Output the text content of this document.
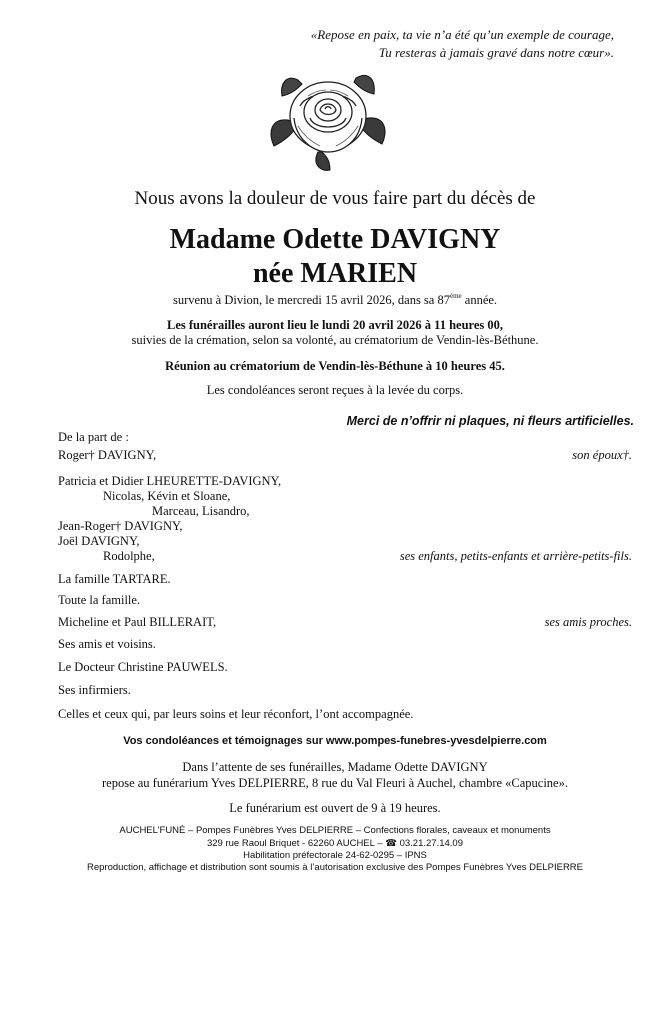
«Repose en paix, ta vie n’a été qu’un exemple de courage,
Tu resteras à jamais gravé dans notre cœur».
Nous avons la douleur de vous faire part du décès de
Madame Odette DAVIGNY
née MARIEN
survenu à Divion, le mercredi 15 avril 2026, dans sa 87ème année.
Les funérailles auront lieu le lundi 20 avril 2026 à 11 heures 00,
suivies de la crémation, selon sa volonté, au crématorium de Vendin-lès-Béthune.
Réunion au crématorium de Vendin-lès-Béthune à 10 heures 45.
Les condoléances seront reçues à la levée du corps.
Merci de n’offrir ni plaques, ni fleurs artificielles.
De la part de :
Roger† DAVIGNY,	son époux†.
Patricia et Didier LHEURETTE-DAVIGNY,
Nicolas, Kévin et Sloane,
Marceau, Lisandro,
Jean-Roger† DAVIGNY,
Joël DAVIGNY,
Rodolphe,	ses enfants, petits-enfants et arrière-petits-fils.
La famille TARTARE.
Toute la famille.
Micheline et Paul BILLERAIT,	ses amis proches.
Ses amis et voisins.
Le Docteur Christine PAUWELS.
Ses infirmiers.
Celles et ceux qui, par leurs soins et leur réconfort, l’ont accompagnée.
Vos condoléances et témoignages sur www.pompes-funebres-yvesdelpierre.com
Dans l’attente de ses funérailles, Madame Odette DAVIGNY
repose au funérarium Yves DELPIERRE, 8 rue du Val Fleuri à Auchel, chambre «Capucine».
Le funérarium est ouvert de 9 à 19 heures.
AUCHEL’FUNÉ – Pompes Funèbres Yves DELPIERRE – Confections florales, caveaux et monuments
329 rue Raoul Briquet - 62260 AUCHEL – ☎ 03.21.27.14.09
Habilitation préfectorale 24-62-0295 – IPNS
Reproduction, affichage et distribution sont soumis à l’autorisation exclusive des Pompes Funèbres Yves DELPIERRE
